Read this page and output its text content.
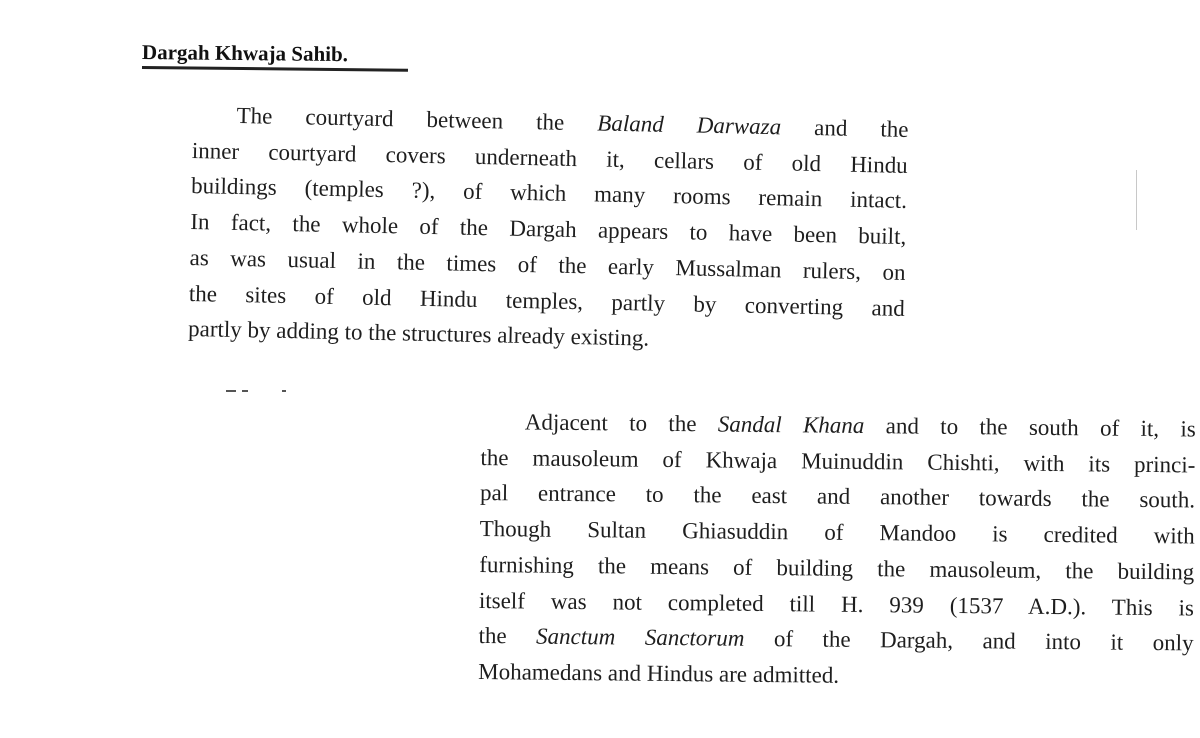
Dargah Khwaja Sahib.
The courtyard between the Baland Darwaza and the
inner courtyard covers underneath it, cellars of old Hindu
buildings (temples ?), of which many rooms remain intact.
In fact, the whole of the Dargah appears to have been built,
as was usual in the times of the early Mussalman rulers, on
the sites of old Hindu temples, partly by converting and
partly by adding to the structures already existing.
Adjacent to the Sandal Khana and to the south of it, is
the mausoleum of Khwaja Muinuddin Chishti, with its princi-
pal entrance to the east and another towards the south.
Though Sultan Ghiasuddin of Mandoo is credited with
furnishing the means of building the mausoleum, the building
itself was not completed till H. 939 (1537 A.D.). This is
the Sanctum Sanctorum of the Dargah, and into it only
Mohamedans and Hindus are admitted.
